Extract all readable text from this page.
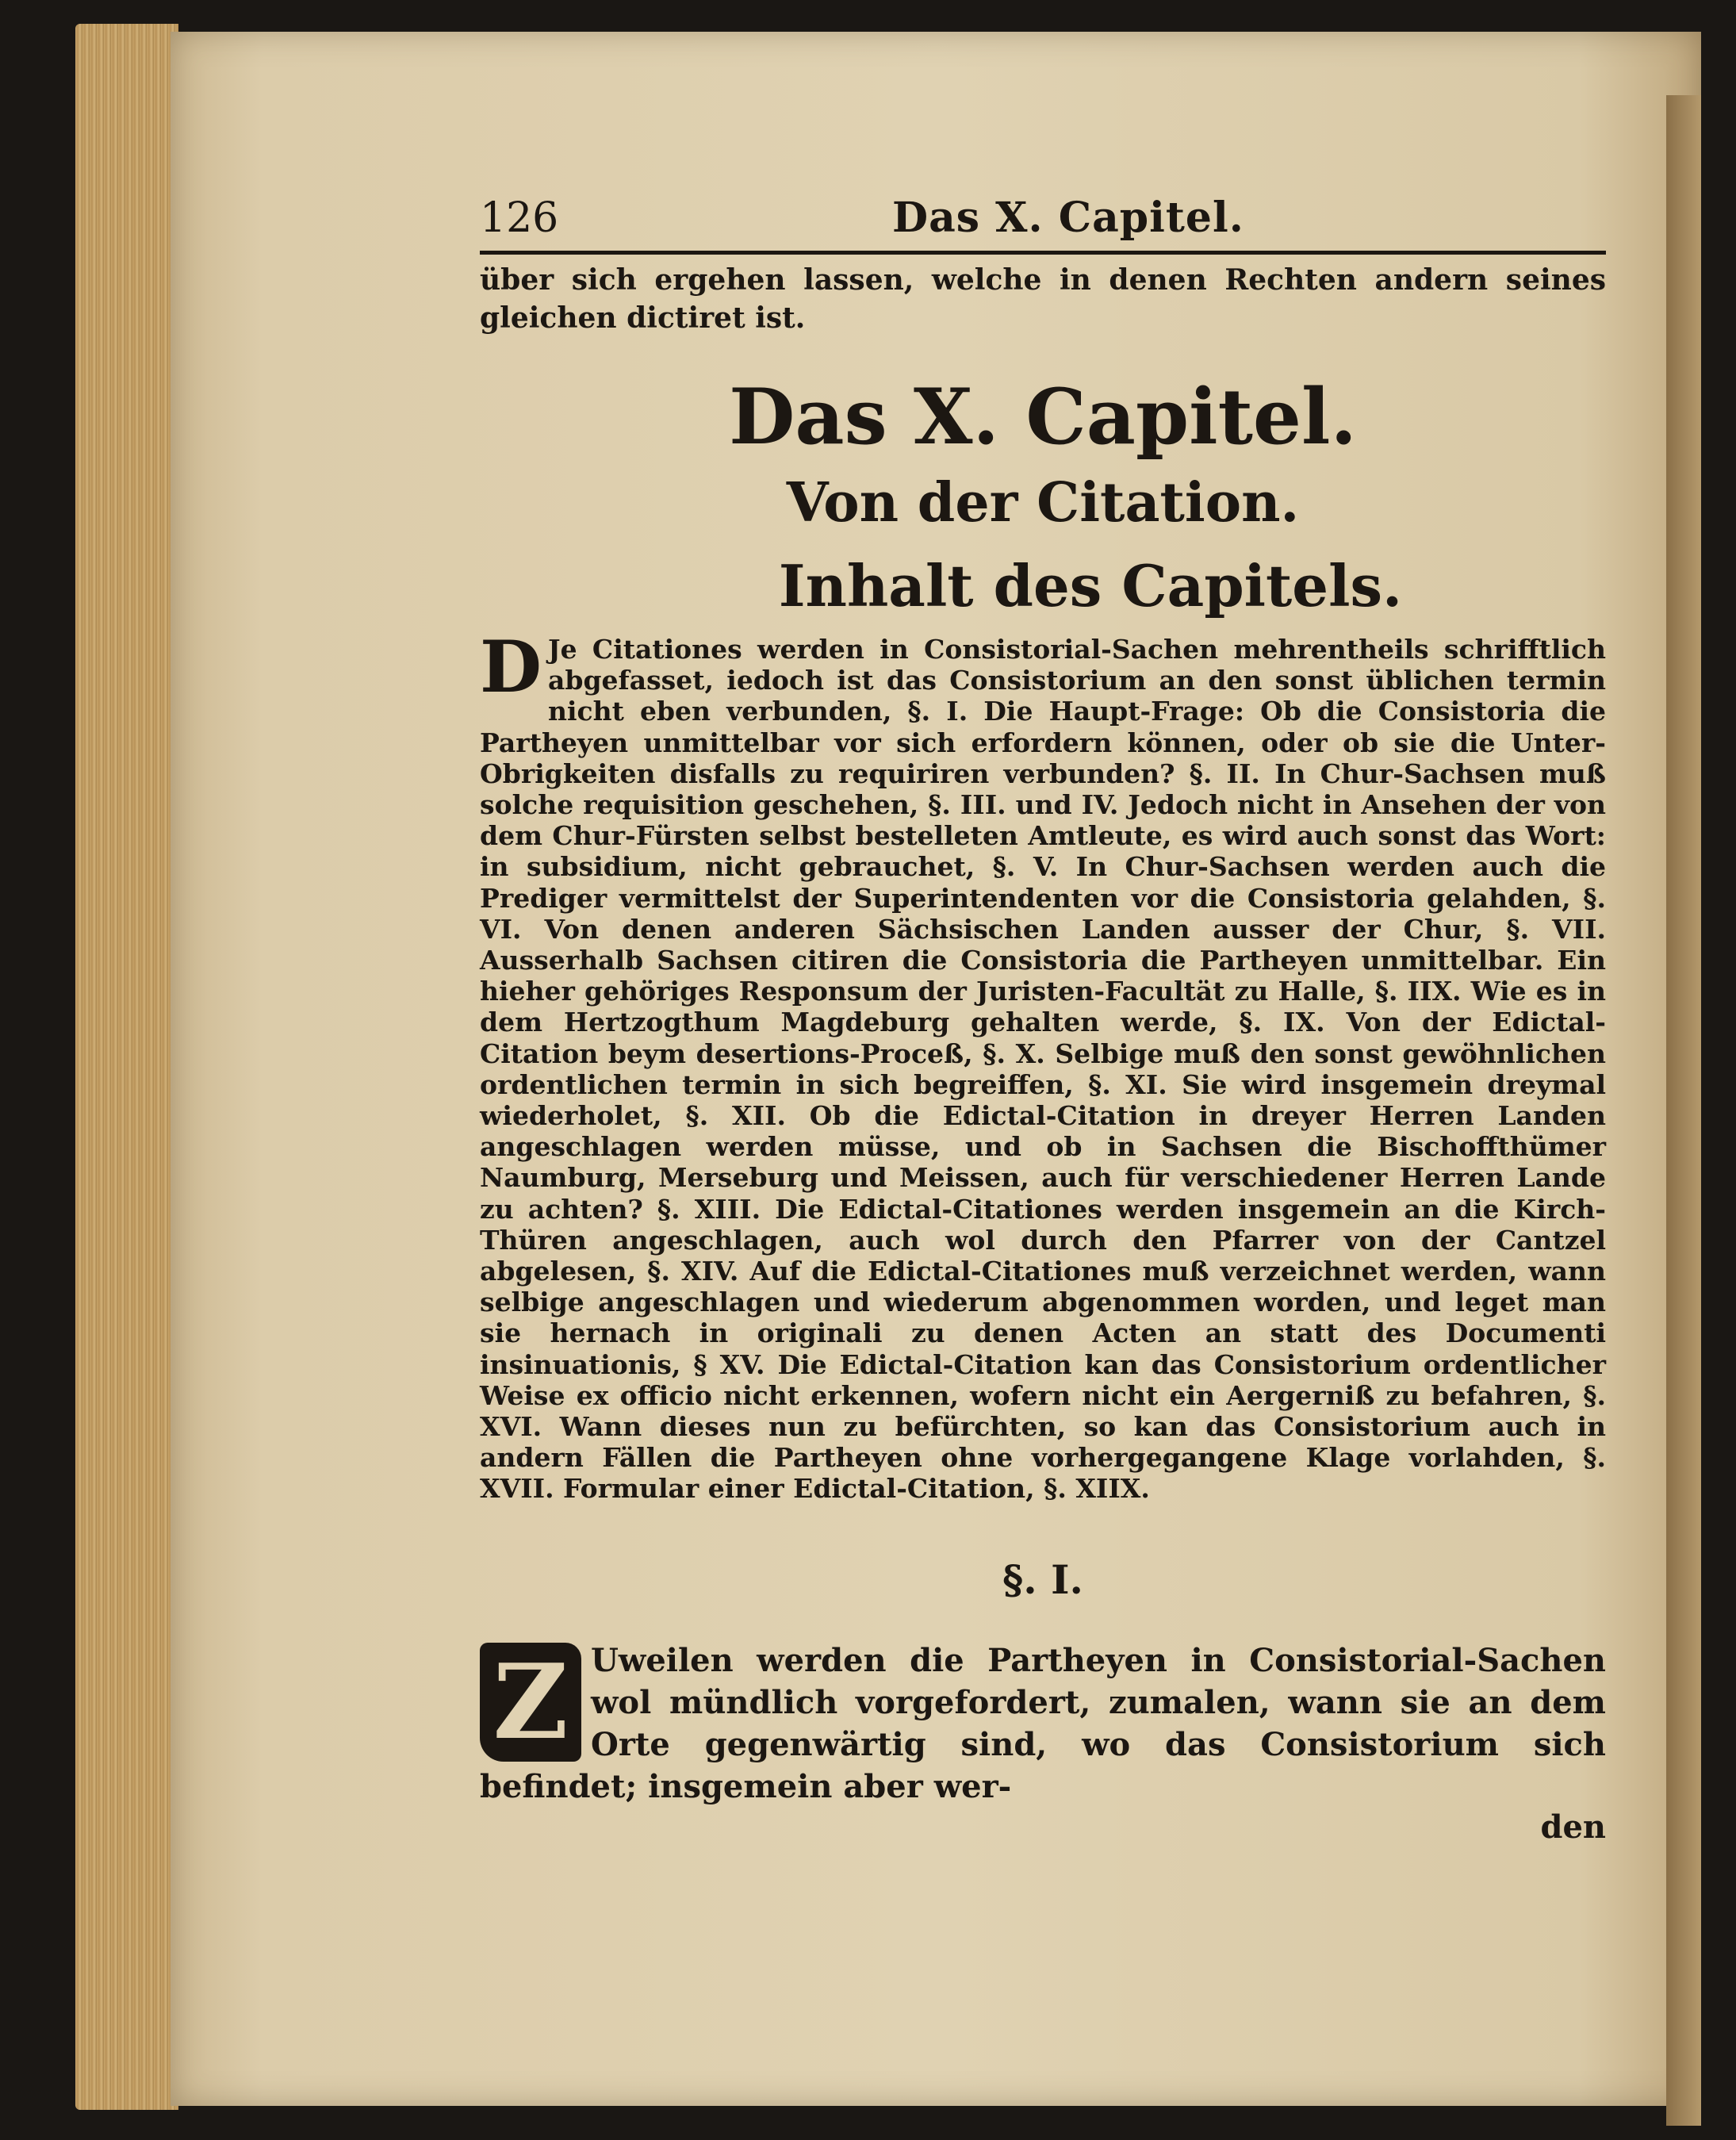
126	Das X. Capitel.
über sich ergehen lassen, welche in denen Rechten andern seines gleichen dictiret ist.
Das X. Capitel.
Von der Citation.
Inhalt des Capitels.
D Je Citationes werden in Consistorial-Sachen mehrentheils schrifftlich abgefasset, iedoch ist das Consistorium an den sonst üblichen termin nicht eben verbunden, §. I. Die Haupt-Frage: Ob die Consistoria die Partheyen unmittelbar vor sich erfordern können, oder ob sie die Unter-Obrigkeiten disfalls zu requiriren verbunden? §. II. In Chur-Sachsen muß solche requisition geschehen, §. III. und IV. Jedoch nicht in Ansehen der von dem Chur-Fürsten selbst bestelleten Amtleute, es wird auch sonst das Wort: in subsidium, nicht gebrauchet, §. V. In Chur-Sachsen werden auch die Prediger vermittelst der Superintendenten vor die Consistoria gelahden, §. VI. Von denen anderen Sächsischen Landen ausser der Chur, §. VII. Ausserhalb Sachsen citiren die Consistoria die Partheyen unmittelbar. Ein hieher gehöriges Responsum der Juristen-Facultät zu Halle, §. IIX. Wie es in dem Hertzogthum Magdeburg gehalten werde, §. IX. Von der Edictal-Citation beym desertions-Proceß, §. X. Selbige muß den sonst gewöhnlichen ordentlichen termin in sich begreiffen, §. XI. Sie wird insgemein dreymal wiederholet, §. XII. Ob die Edictal-Citation in dreyer Herren Landen angeschlagen werden müsse, und ob in Sachsen die Bischoffthümer Naumburg, Merseburg und Meissen, auch für verschiedener Herren Lande zu achten? §. XIII. Die Edictal-Citationes werden insgemein an die Kirch-Thüren angeschlagen, auch wol durch den Pfarrer von der Cantzel abgelesen, §. XIV. Auf die Edictal-Citationes muß verzeichnet werden, wann selbige angeschlagen und wiederum abgenommen worden, und leget man sie hernach in originali zu denen Acten an statt des Documenti insinuationis, § XV. Die Edictal-Citation kan das Consistorium ordentlicher Weise ex officio nicht erkennen, wofern nicht ein Aergerniß zu befahren, §. XVI. Wann dieses nun zu befürchten, so kan das Consistorium auch in andern Fällen die Partheyen ohne vorhergegangene Klage vorlahden, §. XVII. Formular einer Edictal-Citation, §. XIIX.
§. I.
Z Uweilen werden die Partheyen in Consistorial-Sachen wol mündlich vorgefordert, zumalen, wann sie an dem Orte gegenwärtig sind, wo das Consistorium sich befindet; insgemein aber wer-
den
